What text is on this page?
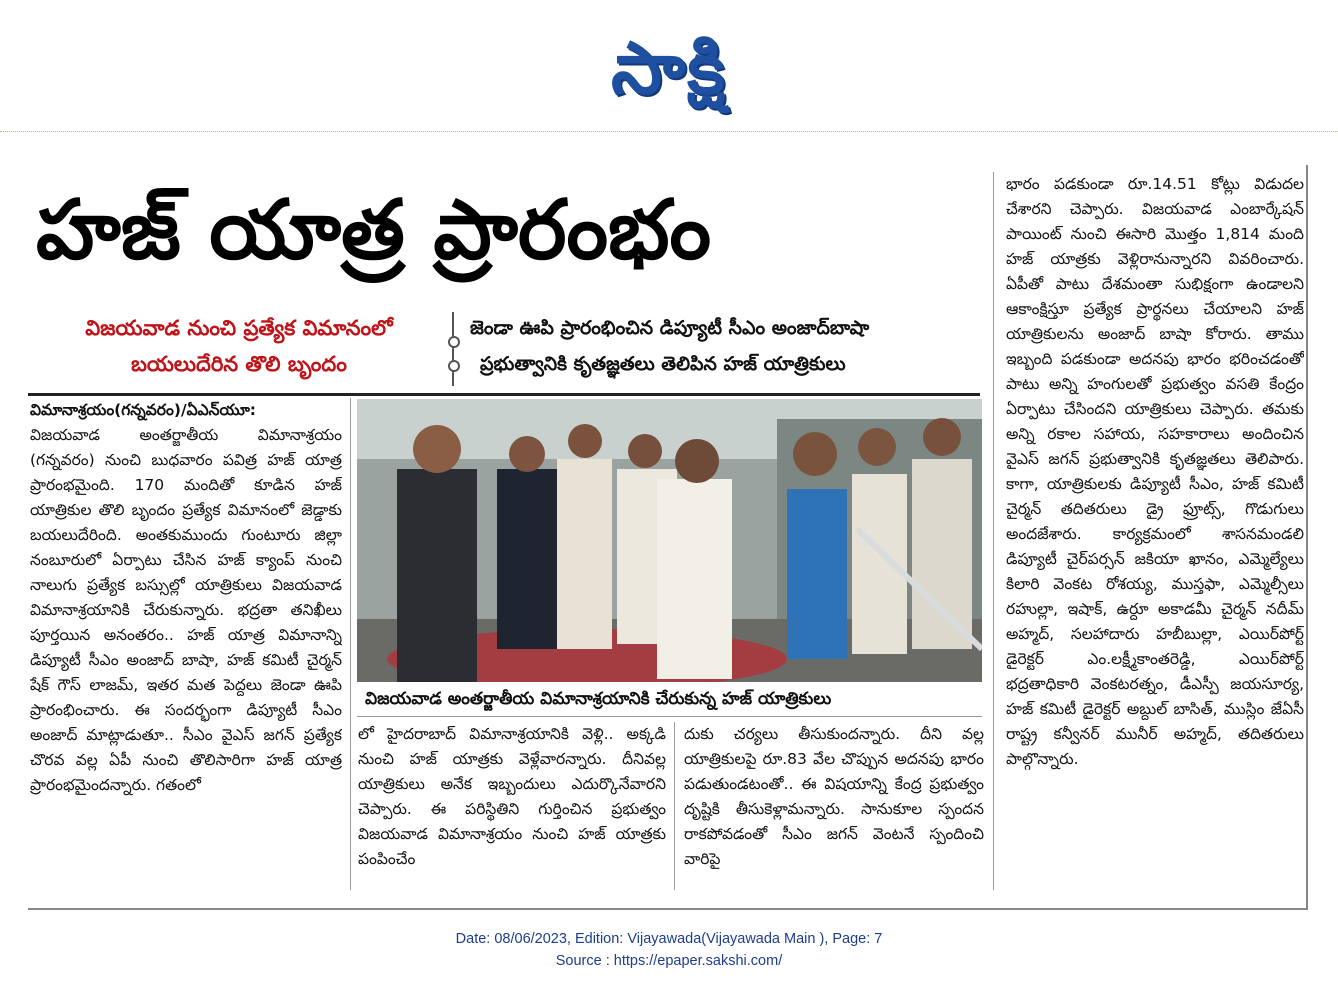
సాక్షి
హజ్ యాత్ర ప్రారంభం
విజయవాడ నుంచి ప్రత్యేక విమానంలో
బయలుదేరిన తొలి బృందం
జెండా ఊపి ప్రారంభించిన డిప్యూటీ సీఎం అంజాద్‌బాషా
ప్రభుత్వానికి కృతజ్ఞతలు తెలిపిన హజ్ యాత్రికులు

విమానాశ్రయం(గన్నవరం)/ఏఎన్‌యూ:

విజయవాడ అంతర్జాతీయ విమానాశ్రయం (గన్నవరం) నుంచి బుధవారం పవిత్ర హజ్ యాత్ర ప్రారంభమైంది. 170 మందితో కూడిన హజ్ యాత్రికుల తొలి బృందం ప్రత్యేక విమానంలో జెడ్డాకు బయలుదేరింది. అంతకుముందు గుంటూరు జిల్లా నంబూరులో ఏర్పాటు చేసిన హజ్ క్యాంప్ నుంచి నాలుగు ప్రత్యేక బస్సుల్లో యాత్రికులు విజయవాడ విమానాశ్రయానికి చేరుకున్నారు. భద్రతా తనిఖీలు పూర్తయిన అనంతరం.. హజ్ యాత్ర విమానాన్ని డిప్యూటీ సీఎం అంజాద్ బాషా, హజ్ కమిటీ చైర్మన్ షేక్ గౌస్ లాజమ్, ఇతర మత పెద్దలు జెండా ఊపి ప్రారంభించారు. ఈ సందర్భంగా డిప్యూటీ సీఎం అంజాద్ మాట్లాడుతూ.. సీఎం వైఎస్ జగన్ ప్రత్యేక చొరవ వల్ల ఏపీ నుంచి తొలిసారిగా హజ్ యాత్ర ప్రారంభమైందన్నారు. గతంలో

విజయవాడ అంతర్జాతీయ విమానాశ్రయానికి చేరుకున్న హజ్ యాత్రికులు

లో హైదరాబాద్ విమానాశ్రయానికి వెళ్లి.. అక్కడి నుంచి హజ్ యాత్రకు వెళ్లేవారన్నారు. దీనివల్ల యాత్రికులు అనేక ఇబ్బందులు ఎదుర్కొనేవారని చెప్పారు. ఈ పరిస్థితిని గుర్తించిన ప్రభుత్వం విజయవాడ విమానాశ్రయం నుంచి హజ్ యాత్రకు పంపించేం

దుకు చర్యలు తీసుకుందన్నారు. దీని వల్ల యాత్రికులపై రూ.83 వేల చొప్పున అదనపు భారం పడుతుండటంతో.. ఈ విషయాన్ని కేంద్ర ప్రభుత్వం దృష్టికి తీసుకెళ్లామన్నారు. సానుకూల స్పందన రాకపోవడంతో సీఎం జగన్ వెంటనే స్పందించి వారిపై

భారం పడకుండా రూ.14.51 కోట్లు విడుదల చేశారని చెప్పారు. విజయవాడ ఎంబార్కేషన్ పాయింట్ నుంచి ఈసారి మొత్తం 1,814 మంది హజ్ యాత్రకు వెళ్లిరానున్నారని వివరించారు. ఏపీతో పాటు దేశమంతా సుభిక్షంగా ఉండాలని ఆకాంక్షిస్తూ ప్రత్యేక ప్రార్థనలు చేయాలని హజ్ యాత్రికులను అంజాద్ బాషా కోరారు. తాము ఇబ్బంది పడకుండా అదనపు భారం భరించడంతో పాటు అన్ని హంగులతో ప్రభుత్వం వసతి కేంద్రం ఏర్పాటు చేసిందని యాత్రికులు చెప్పారు. తమకు అన్ని రకాల సహాయ, సహకారాలు అందించిన వైఎస్ జగన్ ప్రభుత్వానికి కృతజ్ఞతలు తెలిపారు. కాగా, యాత్రికులకు డిప్యూటీ సీఎం, హజ్ కమిటీ చైర్మన్ తదితరులు డ్రై ఫ్రూట్స్, గొడుగులు అందజేశారు. కార్యక్రమంలో శాసనమండలి డిప్యూటీ చైర్‌పర్సన్ జకియా ఖానం, ఎమ్మెల్యేలు కిలారి వెంకట రోశయ్య, ముస్తఫా, ఎమ్మెల్సీలు రహుల్లా, ఇషాక్, ఉర్దూ అకాడమీ చైర్మన్ నదీమ్ అహ్మద్, సలహాదారు హబీబుల్లా, ఎయిర్‌పోర్ట్ డైరెక్టర్ ఎం.లక్ష్మీకాంతరెడ్డి, ఎయిర్‌పోర్ట్ భద్రతాధికారి వెంకటరత్నం, డీఎస్పీ జయసూర్య, హజ్ కమిటీ డైరెక్టర్ అబ్దుల్ బాసిత్, ముస్లిం జేఏసీ రాష్ట్ర కన్వీనర్ మునీర్ అహ్మద్, తదితరులు పాల్గొన్నారు.

Date: 08/06/2023, Edition: Vijayawada(Vijayawada Main ), Page: 7
Source : https://epaper.sakshi.com/
